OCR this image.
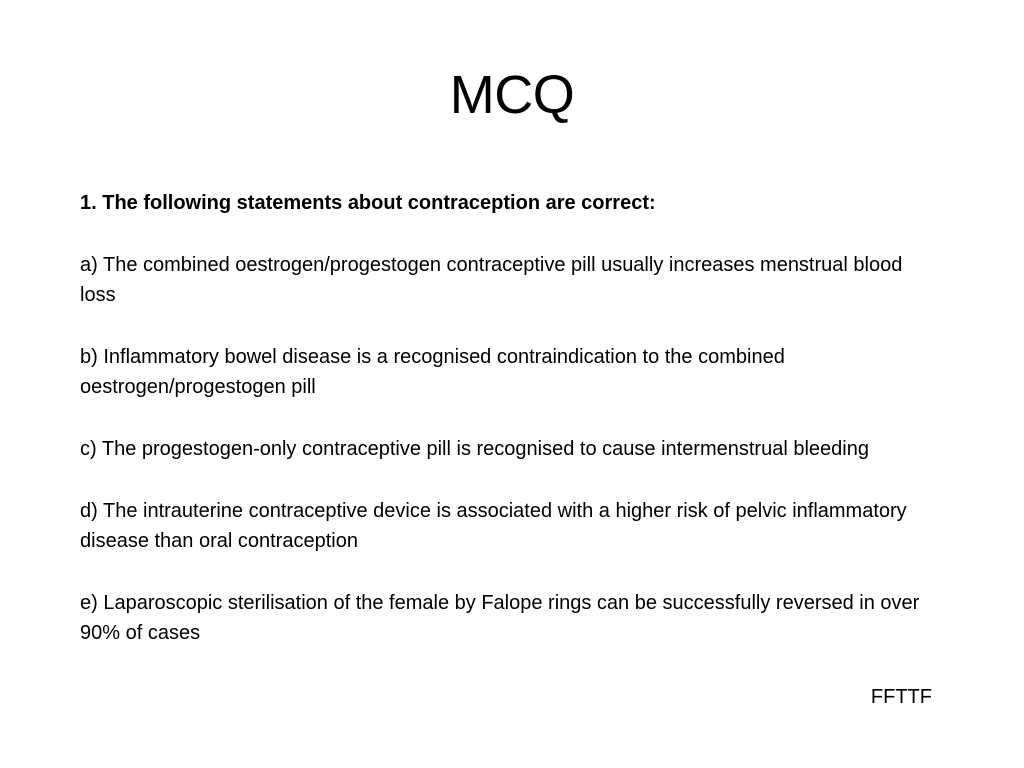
MCQ

1. The following statements about contraception are correct:

a) The combined oestrogen/progestogen contraceptive pill usually increases menstrual blood loss

b) Inflammatory bowel disease is a recognised contraindication to the combined oestrogen/progestogen pill

c) The progestogen-only contraceptive pill is recognised to cause intermenstrual bleeding

d) The intrauterine contraceptive device is associated with a higher risk of pelvic inflammatory disease than oral contraception

e) Laparoscopic sterilisation of the female by Falope rings can be successfully reversed in over 90% of cases

FFTTF
